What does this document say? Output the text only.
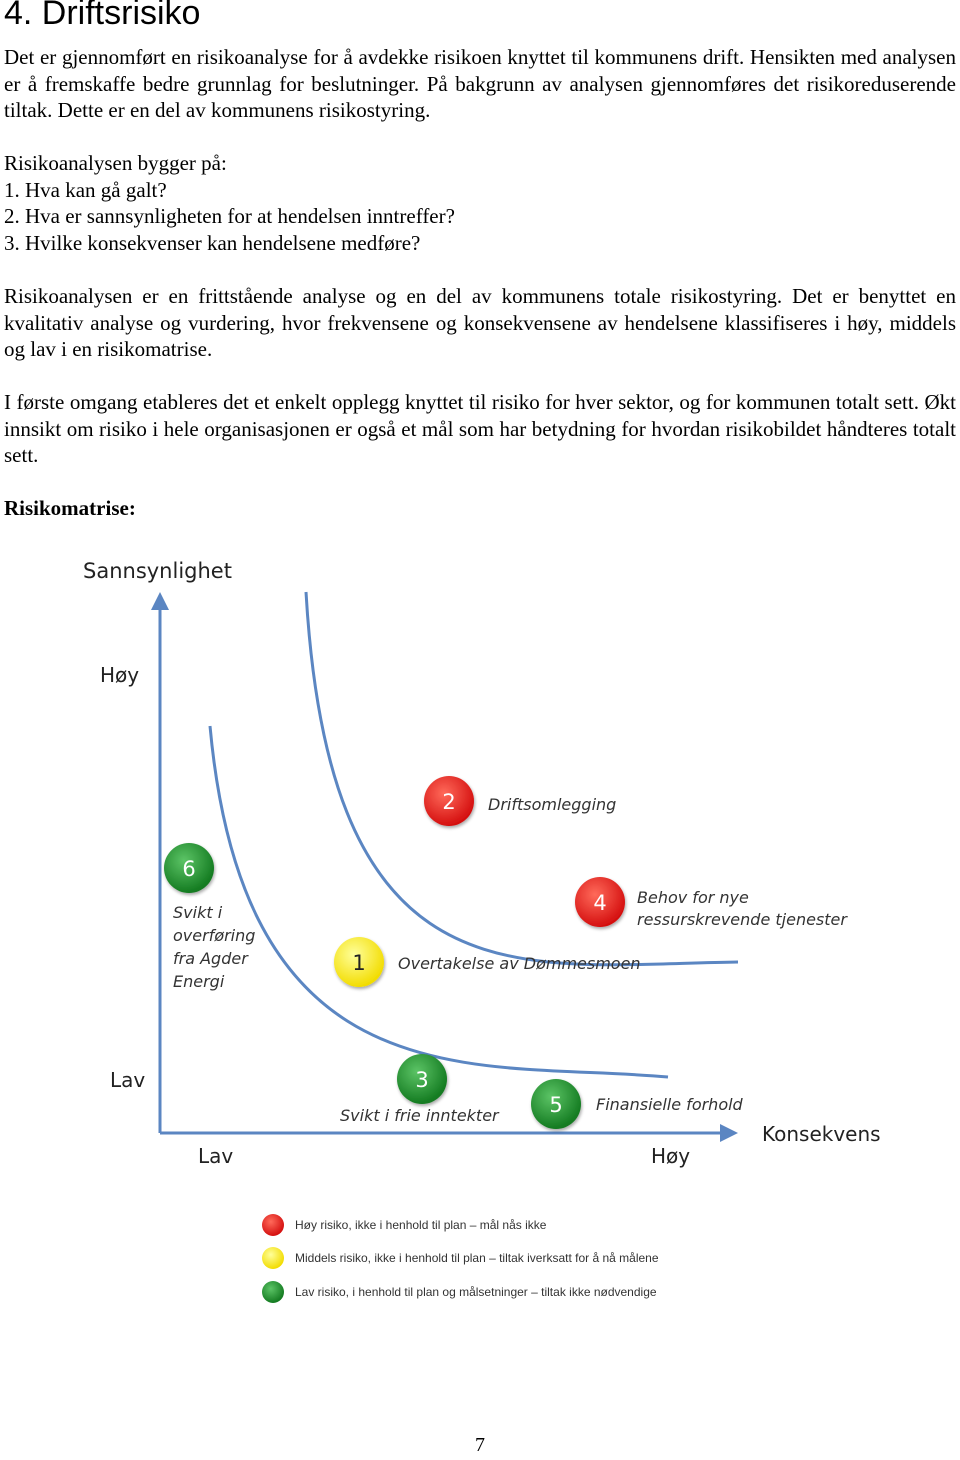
4. Driftsrisiko

Det er gjennomført en risikoanalyse for å avdekke risikoen knyttet til kommunens drift. Hensikten med analysen er å fremskaffe bedre grunnlag for beslutninger. På bakgrunn av analysen gjennomføres det risikoreduserende tiltak. Dette er en del av kommunens risikostyring.

Risikoanalysen bygger på:
1. Hva kan gå galt?
2. Hva er sannsynligheten for at hendelsen inntreffer?
3. Hvilke konsekvenser kan hendelsene medføre?

Risikoanalysen er en frittstående analyse og en del av kommunens totale risikostyring. Det er benyttet en kvalitativ analyse og vurdering, hvor frekvensene og konsekvensene av hendelsene klassifiseres i høy, middels og lav i en risikomatrise.

I første omgang etableres det et enkelt opplegg knyttet til risiko for hver sektor, og for kommunen totalt sett. Økt innsikt om risiko i hele organisasjonen er også et mål som har betydning for hvordan risikobildet håndteres totalt sett.

Risikomatrise:
Sannsynlighet
Høy
Lav
Lav	Høy
Konsekvens
6
Svikt i
overføring
fra Agder
Energi
2 Driftsomlegging
4 Behov for nye
ressurskrevende tjenester
1 Overtakelse av Dømmesmoen
3
Svikt i frie inntekter 5 Finansielle forhold
Høy risiko, ikke i henhold til plan – mål nås ikke
Middels risiko, ikke i henhold til plan – tiltak iverksatt for å nå målene
Lav risiko, i henhold til plan og målsetninger – tiltak ikke nødvendige
7
